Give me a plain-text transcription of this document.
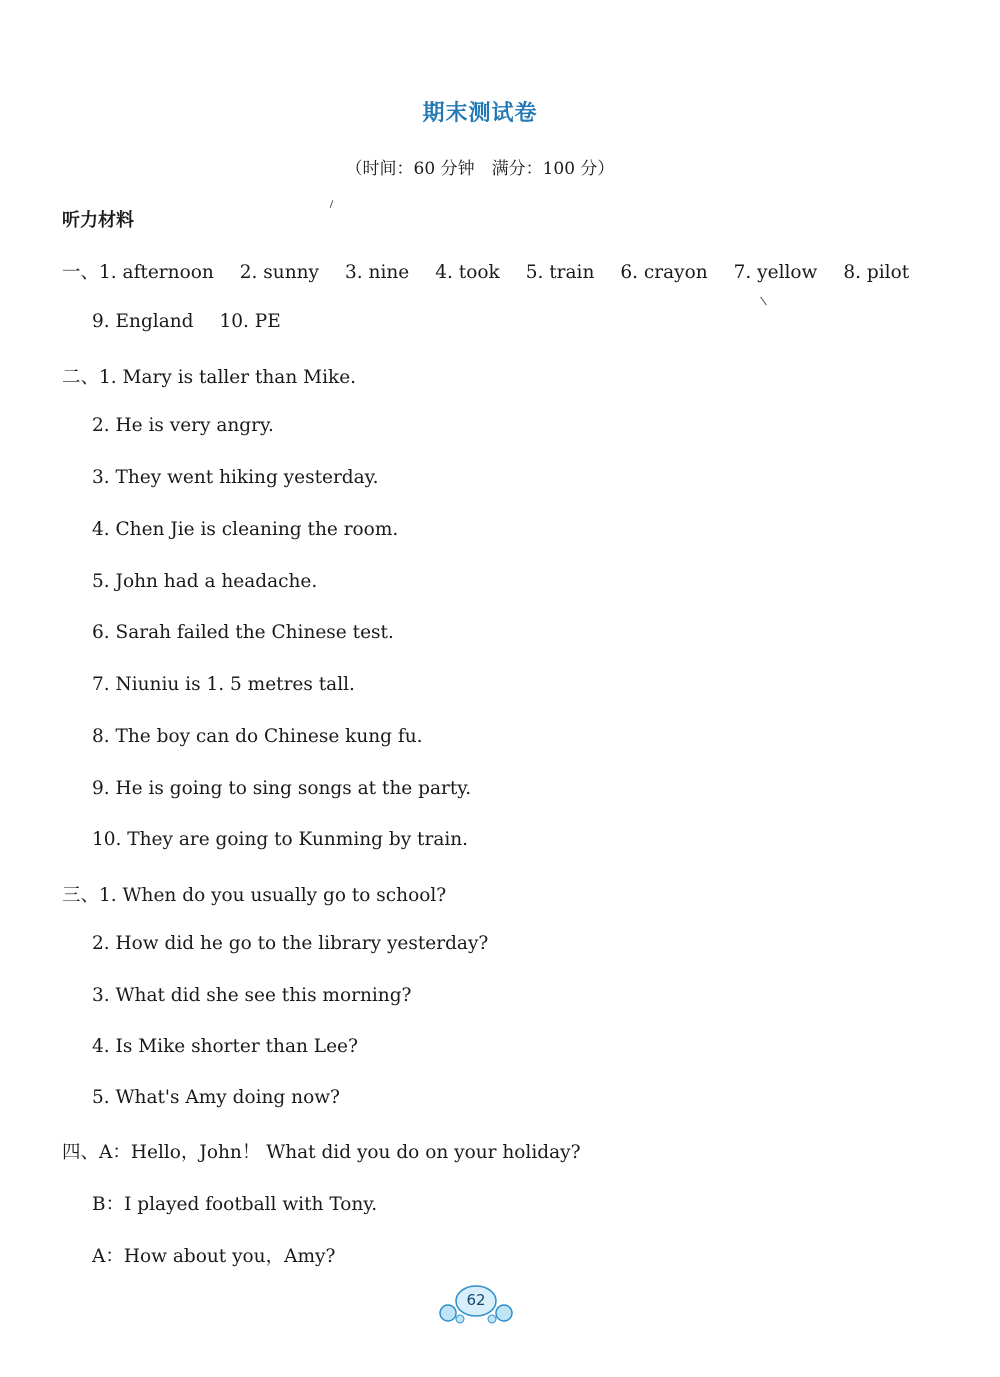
期末测试卷
（时间：60 分钟　满分：100 分）
听力材料
一、1. afternoon 2. sunny 3. nine 4. took 5. train 6. crayon 7. yellow 8. pilot
9. England 10. PE
二、1. Mary is taller than Mike.
2. He is very angry.
3. They went hiking yesterday.
4. Chen Jie is cleaning the room.
5. John had a headache.
6. Sarah failed the Chinese test.
7. Niuniu is 1. 5 metres tall.
8. The boy can do Chinese kung fu.
9. He is going to sing songs at the party.
10. They are going to Kunming by train.
三、1. When do you usually go to school?
2. How did he go to the library yesterday?
3. What did she see this morning?
4. Is Mike shorter than Lee?
5. What's Amy doing now?
四、A：Hello，John！ What did you do on your holiday?
B：I played football with Tony.
A：How about you，Amy?
62
